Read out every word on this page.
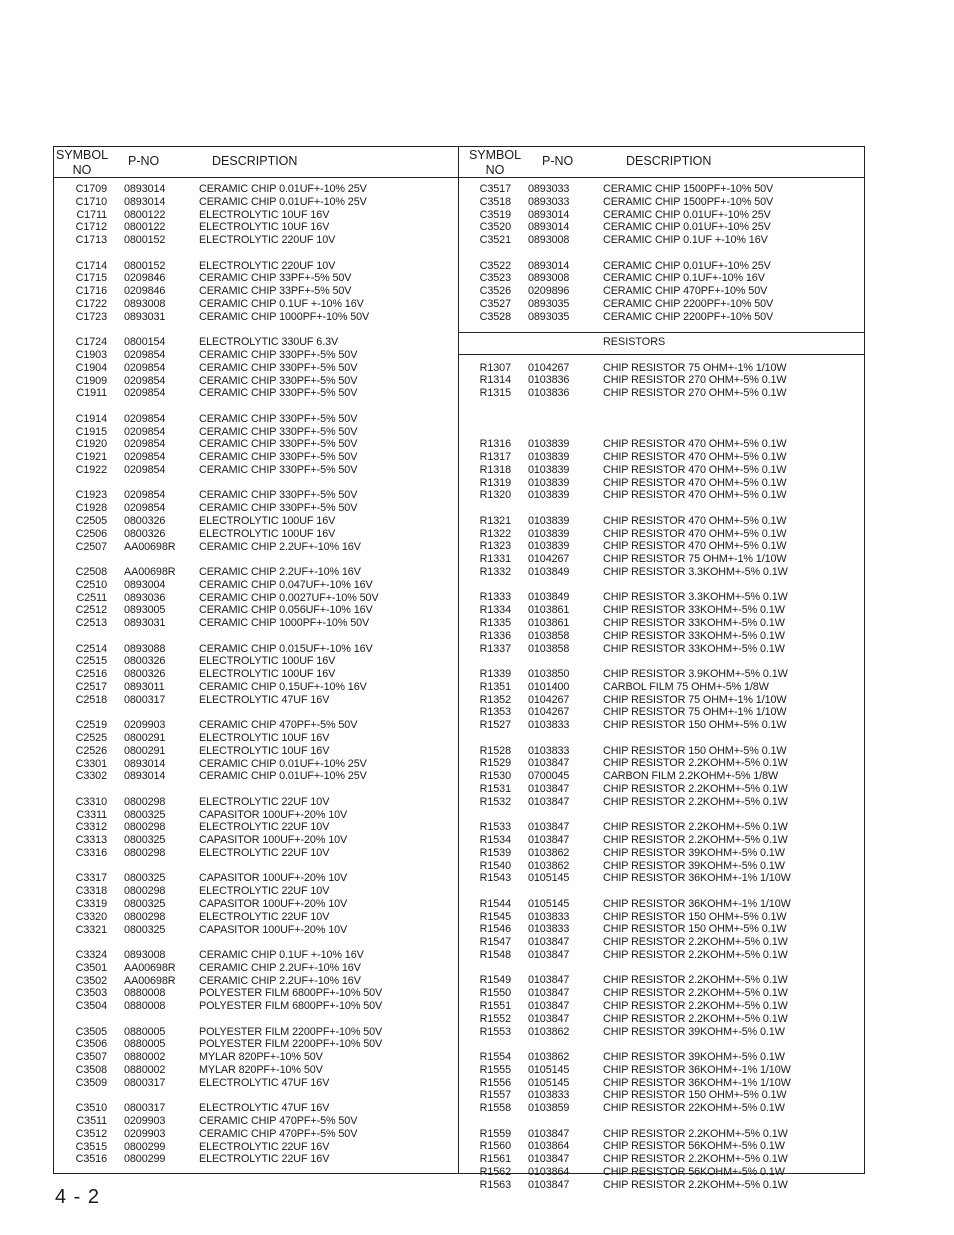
SYMBOL
NO
P-NO	DESCRIPTION	SYMBOL
NO
P-NO	DESCRIPTION
RESISTORS
C1709 0893014	CERAMIC CHIP 0.01UF+-10% 25V
C1710 0893014	CERAMIC CHIP 0.01UF+-10% 25V
C1711 0800122	ELECTROLYTIC 10UF 16V
C1712 0800122	ELECTROLYTIC 10UF 16V
C1713 0800152	ELECTROLYTIC 220UF 10V
C1714 0800152	ELECTROLYTIC 220UF 10V
C1715 0209846	CERAMIC CHIP 33PF+-5% 50V
C1716 0209846	CERAMIC CHIP 33PF+-5% 50V
C1722 0893008	CERAMIC CHIP 0.1UF +-10% 16V
C1723 0893031	CERAMIC CHIP 1000PF+-10% 50V
C1724 0800154	ELECTROLYTIC 330UF 6.3V
C1903 0209854	CERAMIC CHIP 330PF+-5% 50V
C1904 0209854	CERAMIC CHIP 330PF+-5% 50V
C1909 0209854	CERAMIC CHIP 330PF+-5% 50V
C1911 0209854	CERAMIC CHIP 330PF+-5% 50V
C1914 0209854	CERAMIC CHIP 330PF+-5% 50V
C1915 0209854	CERAMIC CHIP 330PF+-5% 50V
C1920 0209854	CERAMIC CHIP 330PF+-5% 50V
C1921 0209854	CERAMIC CHIP 330PF+-5% 50V
C1922 0209854	CERAMIC CHIP 330PF+-5% 50V
C1923 0209854	CERAMIC CHIP 330PF+-5% 50V
C1928 0209854	CERAMIC CHIP 330PF+-5% 50V
C2505 0800326	ELECTROLYTIC 100UF 16V
C2506 0800326	ELECTROLYTIC 100UF 16V
C2507 AA00698R CERAMIC CHIP 2.2UF+-10% 16V
C2508 AA00698R CERAMIC CHIP 2.2UF+-10% 16V
C2510 0893004	CERAMIC CHIP 0.047UF+-10% 16V
C2511 0893036	CERAMIC CHIP 0.0027UF+-10% 50V
C2512 0893005	CERAMIC CHIP 0.056UF+-10% 16V
C2513 0893031	CERAMIC CHIP 1000PF+-10% 50V
C2514 0893088	CERAMIC CHIP 0.015UF+-10% 16V
C2515 0800326	ELECTROLYTIC 100UF 16V
C2516 0800326	ELECTROLYTIC 100UF 16V
C2517 0893011	CERAMIC CHIP 0.15UF+-10% 16V
C2518 0800317	ELECTROLYTIC 47UF 16V
C2519 0209903	CERAMIC CHIP 470PF+-5% 50V
C2525 0800291	ELECTROLYTIC 10UF 16V
C2526 0800291	ELECTROLYTIC 10UF 16V
C3301 0893014	CERAMIC CHIP 0.01UF+-10% 25V
C3302 0893014	CERAMIC CHIP 0.01UF+-10% 25V
C3310 0800298	ELECTROLYTIC 22UF 10V
C3311 0800325	CAPASITOR 100UF+-20% 10V
C3312 0800298	ELECTROLYTIC 22UF 10V
C3313 0800325	CAPASITOR 100UF+-20% 10V
C3316 0800298	ELECTROLYTIC 22UF 10V
C3317 0800325	CAPASITOR 100UF+-20% 10V
C3318 0800298	ELECTROLYTIC 22UF 10V
C3319 0800325	CAPASITOR 100UF+-20% 10V
C3320 0800298	ELECTROLYTIC 22UF 10V
C3321 0800325	CAPASITOR 100UF+-20% 10V
C3324 0893008	CERAMIC CHIP 0.1UF +-10% 16V
C3501 AA00698R CERAMIC CHIP 2.2UF+-10% 16V
C3502 AA00698R CERAMIC CHIP 2.2UF+-10% 16V
C3503 0880008	POLYESTER FILM 6800PF+-10% 50V
C3504 0880008	POLYESTER FILM 6800PF+-10% 50V
C3505 0880005	POLYESTER FILM 2200PF+-10% 50V
C3506 0880005	POLYESTER FILM 2200PF+-10% 50V
C3507 0880002	MYLAR 820PF+-10% 50V
C3508 0880002	MYLAR 820PF+-10% 50V
C3509 0800317	ELECTROLYTIC 47UF 16V
C3510 0800317	ELECTROLYTIC 47UF 16V
C3511 0209903	CERAMIC CHIP 470PF+-5% 50V
C3512 0209903	CERAMIC CHIP 470PF+-5% 50V
C3515 0800299	ELECTROLYTIC 22UF 16V
C3516 0800299	ELECTROLYTIC 22UF 16V
C3517 0893033	CERAMIC CHIP 1500PF+-10% 50V
C3518 0893033	CERAMIC CHIP 1500PF+-10% 50V
C3519 0893014	CERAMIC CHIP 0.01UF+-10% 25V
C3520 0893014	CERAMIC CHIP 0.01UF+-10% 25V
C3521 0893008	CERAMIC CHIP 0.1UF +-10% 16V
C3522 0893014	CERAMIC CHIP 0.01UF+-10% 25V
C3523 0893008	CERAMIC CHIP 0.1UF+-10% 16V
C3526 0209896	CERAMIC CHIP 470PF+-10% 50V
C3527 0893035	CERAMIC CHIP 2200PF+-10% 50V
C3528 0893035	CERAMIC CHIP 2200PF+-10% 50V
R1307 0104267	CHIP RESISTOR 75 OHM+-1% 1/10W
R1314 0103836	CHIP RESISTOR 270 OHM+-5% 0.1W
R1315 0103836	CHIP RESISTOR 270 OHM+-5% 0.1W
R1316 0103839	CHIP RESISTOR 470 OHM+-5% 0.1W
R1317 0103839	CHIP RESISTOR 470 OHM+-5% 0.1W
R1318 0103839	CHIP RESISTOR 470 OHM+-5% 0.1W
R1319 0103839	CHIP RESISTOR 470 OHM+-5% 0.1W
R1320 0103839	CHIP RESISTOR 470 OHM+-5% 0.1W
R1321 0103839	CHIP RESISTOR 470 OHM+-5% 0.1W
R1322 0103839	CHIP RESISTOR 470 OHM+-5% 0.1W
R1323 0103839	CHIP RESISTOR 470 OHM+-5% 0.1W
R1331 0104267	CHIP RESISTOR 75 OHM+-1% 1/10W
R1332 0103849	CHIP RESISTOR 3.3KOHM+-5% 0.1W
R1333 0103849	CHIP RESISTOR 3.3KOHM+-5% 0.1W
R1334 0103861	CHIP RESISTOR 33KOHM+-5% 0.1W
R1335 0103861	CHIP RESISTOR 33KOHM+-5% 0.1W
R1336 0103858	CHIP RESISTOR 33KOHM+-5% 0.1W
R1337 0103858	CHIP RESISTOR 33KOHM+-5% 0.1W
R1339 0103850	CHIP RESISTOR 3.9KOHM+-5% 0.1W
R1351 0101400	CARBOL FILM 75 OHM+-5% 1/8W
R1352 0104267	CHIP RESISTOR 75 OHM+-1% 1/10W
R1353 0104267	CHIP RESISTOR 75 OHM+-1% 1/10W
R1527 0103833	CHIP RESISTOR 150 OHM+-5% 0.1W
R1528 0103833	CHIP RESISTOR 150 OHM+-5% 0.1W
R1529 0103847	CHIP RESISTOR 2.2KOHM+-5% 0.1W
R1530 0700045	CARBON FILM 2.2KOHM+-5% 1/8W
R1531 0103847	CHIP RESISTOR 2.2KOHM+-5% 0.1W
R1532 0103847	CHIP RESISTOR 2.2KOHM+-5% 0.1W
R1533 0103847	CHIP RESISTOR 2.2KOHM+-5% 0.1W
R1534 0103847	CHIP RESISTOR 2.2KOHM+-5% 0.1W
R1539 0103862	CHIP RESISTOR 39KOHM+-5% 0.1W
R1540 0103862	CHIP RESISTOR 39KOHM+-5% 0.1W
R1543 0105145	CHIP RESISTOR 36KOHM+-1% 1/10W
R1544 0105145	CHIP RESISTOR 36KOHM+-1% 1/10W
R1545 0103833	CHIP RESISTOR 150 OHM+-5% 0.1W
R1546 0103833	CHIP RESISTOR 150 OHM+-5% 0.1W
R1547 0103847	CHIP RESISTOR 2.2KOHM+-5% 0.1W
R1548 0103847	CHIP RESISTOR 2.2KOHM+-5% 0.1W
R1549 0103847	CHIP RESISTOR 2.2KOHM+-5% 0.1W
R1550 0103847	CHIP RESISTOR 2.2KOHM+-5% 0.1W
R1551 0103847	CHIP RESISTOR 2.2KOHM+-5% 0.1W
R1552 0103847	CHIP RESISTOR 2.2KOHM+-5% 0.1W
R1553 0103862	CHIP RESISTOR 39KOHM+-5% 0.1W
R1554 0103862	CHIP RESISTOR 39KOHM+-5% 0.1W
R1555 0105145	CHIP RESISTOR 36KOHM+-1% 1/10W
R1556 0105145	CHIP RESISTOR 36KOHM+-1% 1/10W
R1557 0103833	CHIP RESISTOR 150 OHM+-5% 0.1W
R1558 0103859	CHIP RESISTOR 22KOHM+-5% 0.1W
R1559 0103847	CHIP RESISTOR 2.2KOHM+-5% 0.1W
R1560 0103864	CHIP RESISTOR 56KOHM+-5% 0.1W
R1561 0103847	CHIP RESISTOR 2.2KOHM+-5% 0.1W
R1562 0103864	CHIP RESISTOR 56KOHM+-5% 0.1W
R1563 0103847	CHIP RESISTOR 2.2KOHM+-5% 0.1W
4 - 2
